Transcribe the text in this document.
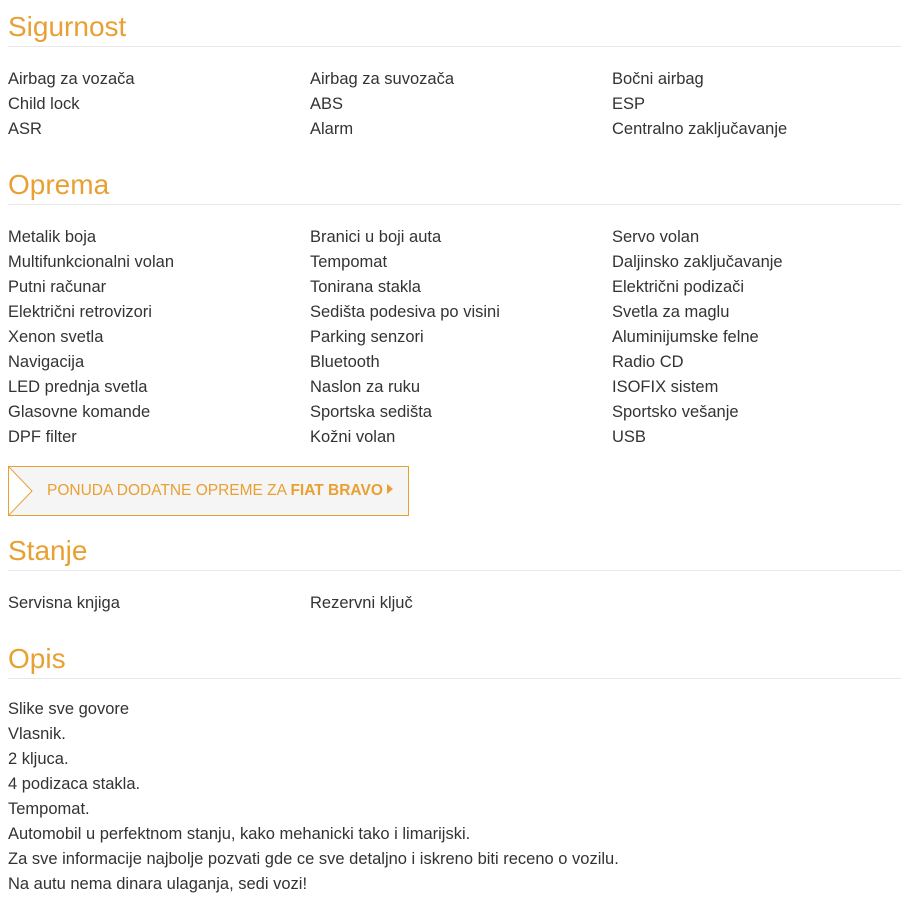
Sigurnost
Airbag za vozača	Airbag za suvozača	Bočni airbag
Child lock	ABS	ESP
ASR	Alarm	Centralno zaključavanje
Oprema
Metalik boja	Branici u boji auta	Servo volan
Multifunkcionalni volan	Tempomat	Daljinsko zaključavanje
Putni računar	Tonirana stakla	Električni podizači
Električni retrovizori	Sedišta podesiva po visini	Svetla za maglu
Xenon svetla	Parking senzori	Aluminijumske felne
Navigacija	Bluetooth	Radio CD
LED prednja svetla	Naslon za ruku	ISOFIX sistem
Glasovne komande	Sportska sedišta	Sportsko vešanje
DPF filter	Kožni volan	USB
PONUDA DODATNE OPREME ZA FIAT BRAVO
Stanje
Servisna knjiga	Rezervni ključ
Opis
Slike sve govore
Vlasnik.
2 kljuca.
4 podizaca stakla.
Tempomat.
Automobil u perfektnom stanju, kako mehanicki tako i limarijski.
Za sve informacije najbolje pozvati gde ce sve detaljno i iskreno biti receno o vozilu.
Na autu nema dinara ulaganja, sedi vozi!
